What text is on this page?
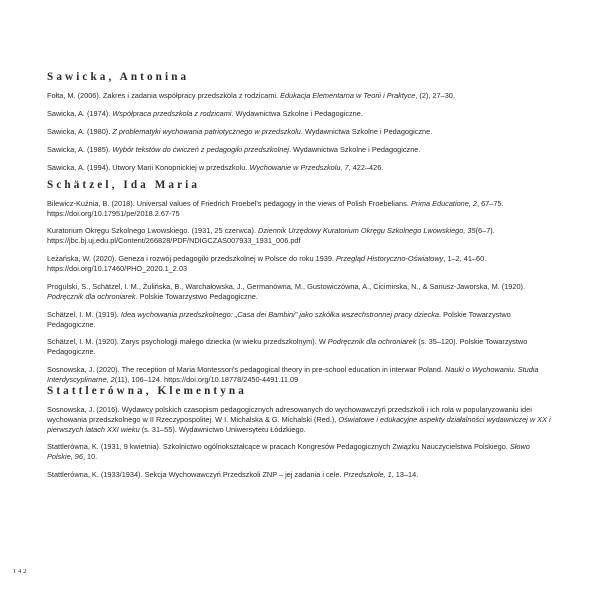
Sawicka, Antonina

Fołta, M. (2006). Zakres i zadania współpracy przedszkola z rodzicami. Edukacja Elementarna w Teorii i Praktyce, (2), 27–30.

Sawicka, A. (1974). Współpraca przedszkola z rodzicami. Wydawnictwa Szkolne i Pedagogiczne.

Sawicka, A. (1980). Z problematyki wychowania patriotycznego w przedszkolu. Wydawnictwa Szkolne i Pedagogiczne.

Sawicka, A. (1985). Wybór tekstów do ćwiczeń z pedagogiki przedszkolnej. Wydawnictwa Szkolne i Pedagogiczne.

Sawicka, A. (1994). Utwory Marii Konopnickiej w przedszkolu. Wychowanie w Przedszkolu, 7, 422–426.

Schätzel, Ida Maria

Bilewicz-Kuźnia, B. (2018). Universal values of Friedrich Froebel's pedagogy in the views of Polish Froebelians. Prima Educatione, 2, 67–75. https://doi.org/10.17951/pe/2018.2.67-75

Kuratorium Okręgu Szkolnego Lwowskiego. (1931, 25 czerwca). Dziennik Urzędowy Kuratorium Okręgu Szkolnego Lwowskiego, 35(6–7). https://jbc.bj.uj.edu.pl/Content/266828/PDF/NDIGCZAS007933_1931_006.pdf

Leżańska, W. (2020). Geneza i rozwój pedagogiki przedszkolnej w Polsce do roku 1939. Przegląd Historyczno-Oświatowy, 1–2, 41–60. https://doi.org/10.17460/PHO_2020.1_2.03

Progulski, S., Schätzel, I. M., Żulińska, B., Warchałowska, J., Germanówna, M., Gustowiczówna, A., Cicimirska, N., & Sariusz-Jaworska, M. (1920). Podręcznik dla ochroniarek. Polskie Towarzystwo Pedagogiczne.

Schätzel, I. M. (1919). Idea wychowania przedszkolnego: „Casa dei Bambini" jako szkółka wszechstronnej pracy dziecka. Polskie Towarzystwo Pedagogiczne.

Schätzel, I. M. (1920). Zarys psychologji małego dziecka (w wieku przedszkolnym). W Podręcznik dla ochroniarek (s. 35–120). Polskie Towarzystwo Pedagogiczne.

Sosnowska, J. (2020). The reception of Maria Montessori's pedagogical theory in pre-school education in interwar Poland. Nauki o Wychowaniu. Studia Interdyscyplinarne, 2(11), 106–124. https://doi.org/10.18778/2450-4491.11.09

Stattlerówna, Klementyna

Sosnowska, J. (2016). Wydawcy polskich czasopism pedagogicznych adresowanych do wychowawczyń przedszkoli i ich rola w popularyzowaniu idei wychowania przedszkolnego w II Rzeczypospolitej. W I. Michalska & G. Michalski (Red.), Oświatowe i edukacyjne aspekty działalności wydawniczej w XX i pierwszych latach XXI wieku (s. 31–55). Wydawnictwo Uniwersytetu Łódzkiego.

Stattlerówna, K. (1931, 9 kwietnia). Szkolnictwo ogólnokształcące w pracach Kongresów Pedagogicznych Związku Nauczycielstwa Polskiego. Słowo Polskie, 96, 10.

Stattlerówna, K. (1933/1934). Sekcja Wychowawczyń Przedszkoli ZNP – jej zadania i cele. Przedszkole, 1, 13–14.

142
